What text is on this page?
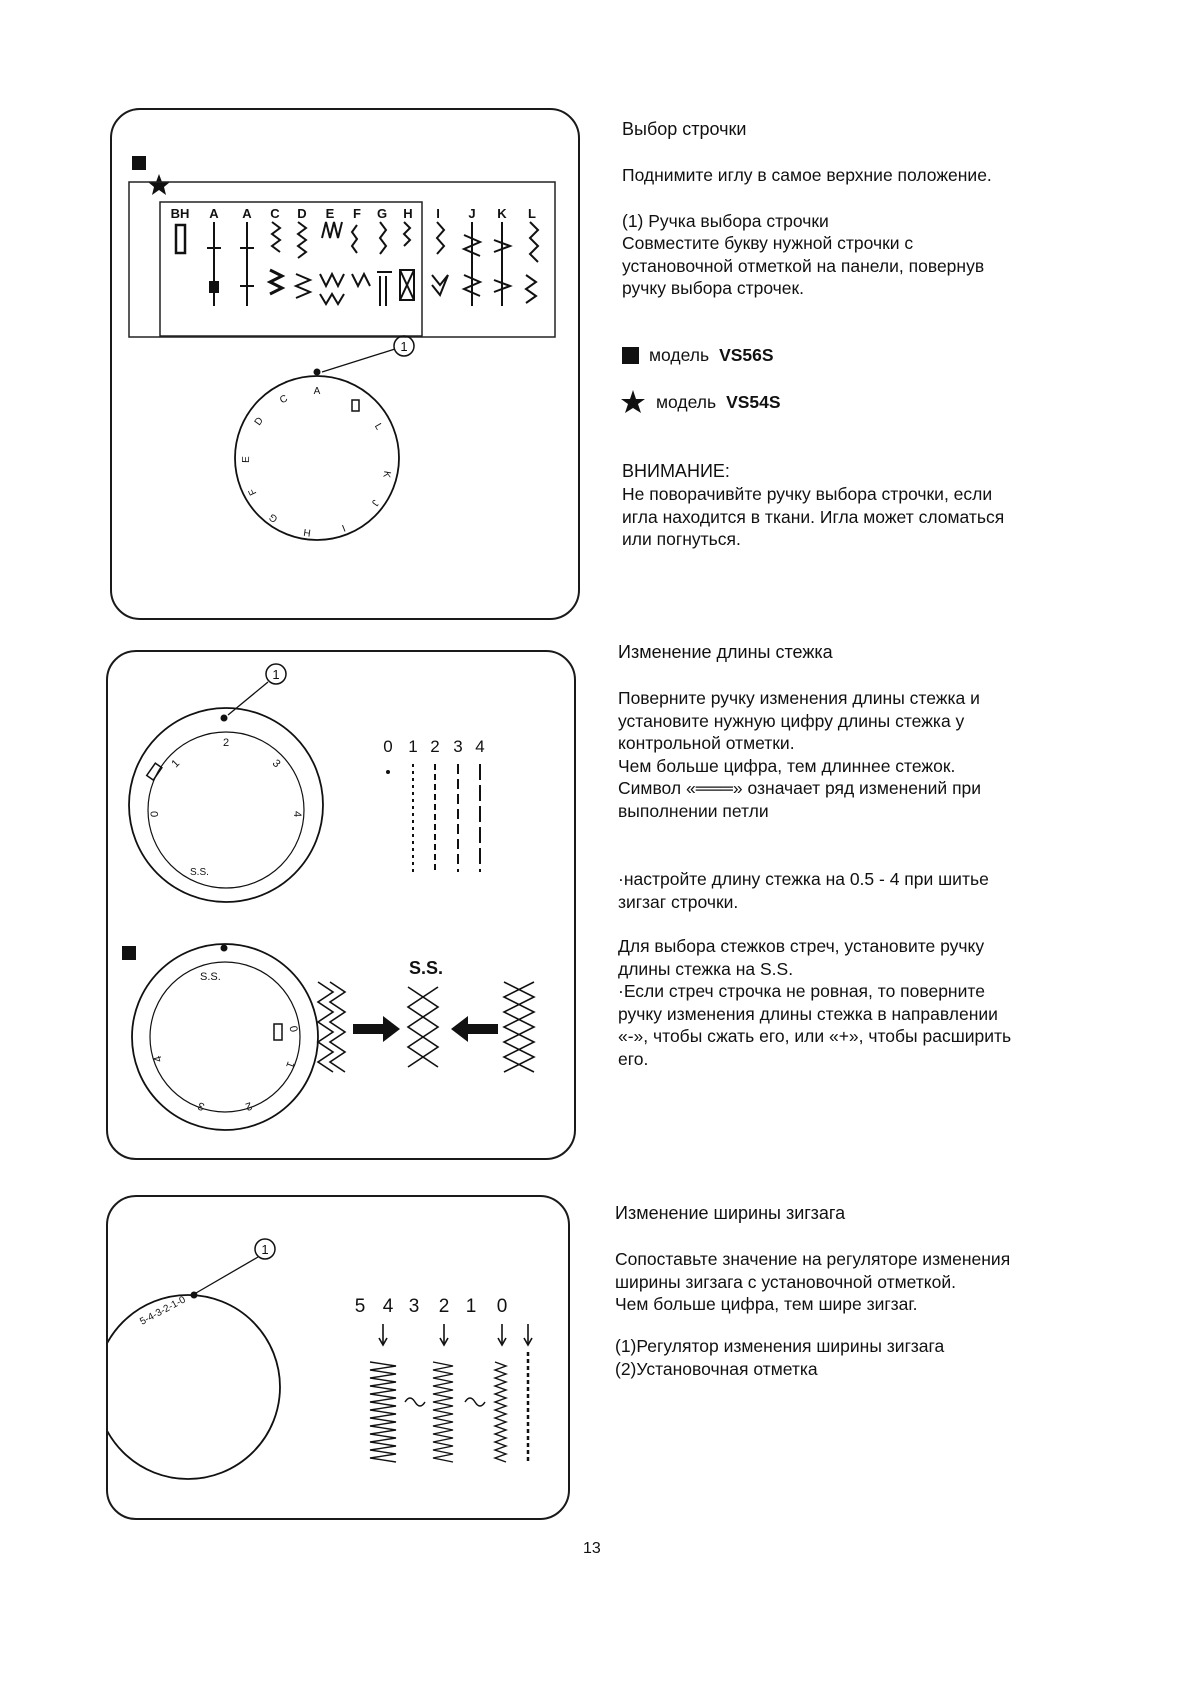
BH A A C D E F G H I J K L
A
C
D
E
F
G
H	I
J
K
L
1
1
0
1
2
3
4
S.S.
0 1 2 3 4
S.S.
0
1
2
3
4
S.S.
1
5-4-3-2-1-0	5 4 3 2 1 0
Выбор строчки
Поднимите иглу в самое верхние положение.
(1) Ручка выбора строчки
Совместите букву нужной строчки с
установочной отметкой на панели, повернув
ручку выбора строчек.
модель VS56S
модель VS54S
ВНИМАНИЕ:
Не поворачивйте ручку выбора строчки, если
игла находится в ткани. Игла может сломаться
или погнуться.
Изменение длины стежка
Поверните ручку изменения длины стежка и
установите нужную цифру длины стежка у
контрольной отметки.
Чем больше цифра, тем длиннее стежок.
Символ «═══» означает ряд изменений при
выполнении петли
·настройте длину стежка на 0.5 - 4 при шитье
зигзаг строчки.
Для выбора стежков стреч, установите ручку
длины стежка на S.S.
·Если стреч строчка не ровная, то поверните
ручку изменения длины стежка в направлении
«-», чтобы сжать его, или «+», чтобы расширить
его.
Изменение ширины зигзага
Сопоставьте значение на регуляторе изменения
ширины зигзага с установочной отметкой.
Чем больше цифра, тем шире зигзаг.
(1)Регулятор изменения ширины зигзага
(2)Установочная отметка
13
